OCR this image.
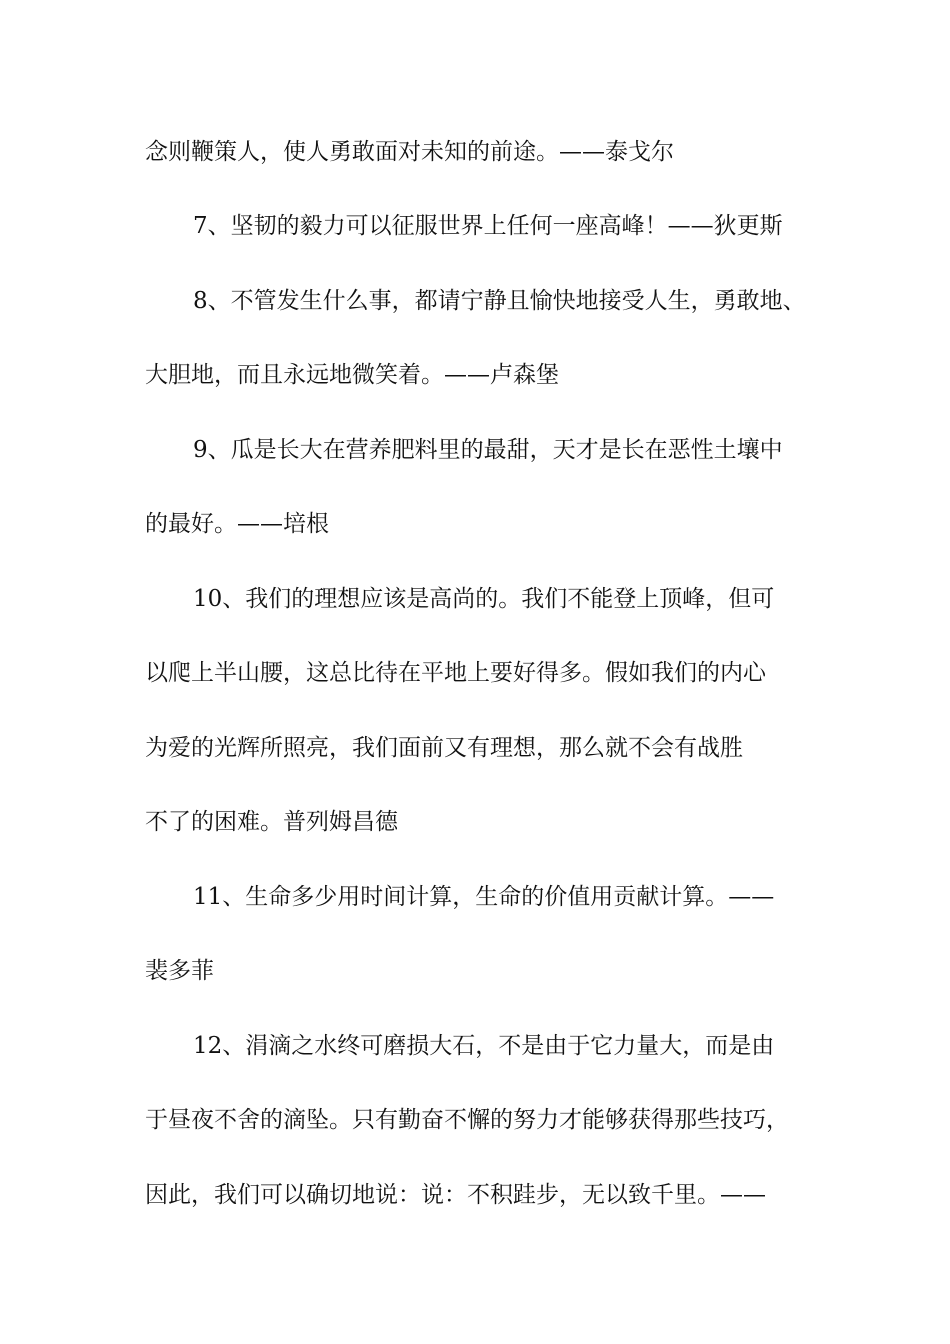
念则鞭策人，使人勇敢面对未知的前途。——泰戈尔

7、坚韧的毅力可以征服世界上任何一座高峰！——狄更斯

8、不管发生什么事，都请宁静且愉快地接受人生，勇敢地、

大胆地，而且永远地微笑着。——卢森堡

9、瓜是长大在营养肥料里的最甜，天才是长在恶性土壤中

的最好。——培根

10、我们的理想应该是高尚的。我们不能登上顶峰，但可

以爬上半山腰，这总比待在平地上要好得多。假如我们的内心

为爱的光辉所照亮，我们面前又有理想，那么就不会有战胜

不了的困难。普列姆昌德

11、生命多少用时间计算，生命的价值用贡献计算。——

裴多菲

12、涓滴之水终可磨损大石，不是由于它力量大，而是由

于昼夜不舍的滴坠。只有勤奋不懈的努力才能够获得那些技巧，

因此，我们可以确切地说：说：不积跬步，无以致千里。——
